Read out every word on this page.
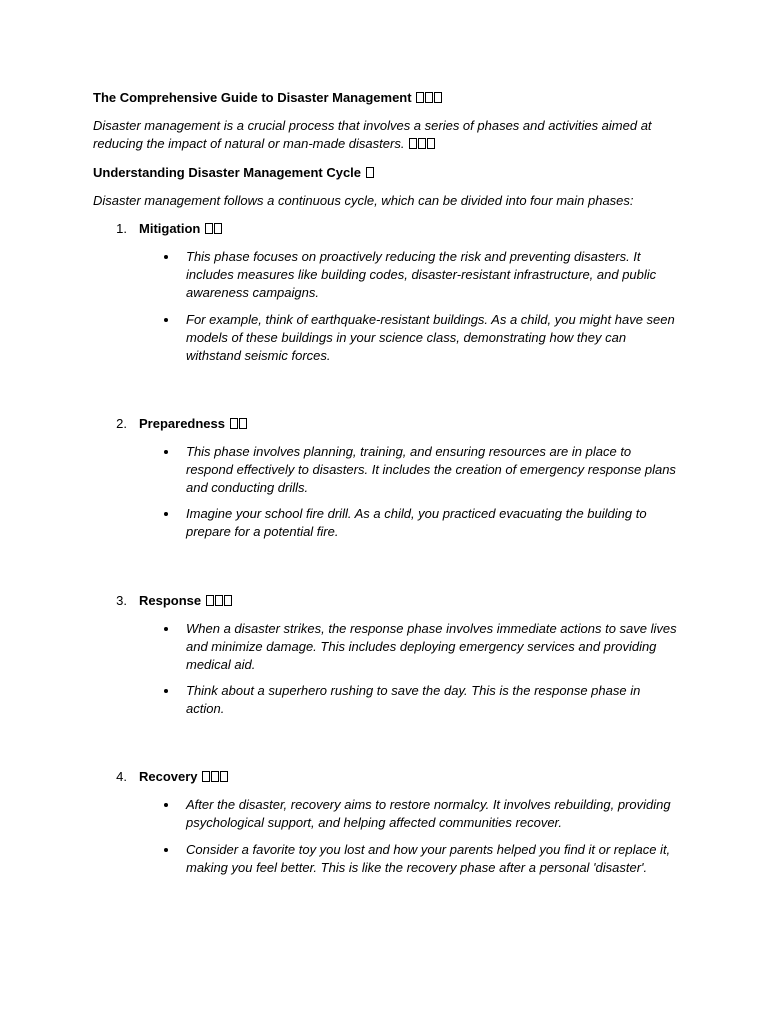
The Comprehensive Guide to Disaster Management
Disaster management is a crucial process that involves a series of phases and activities aimed at reducing the impact of natural or man-made disasters.
Understanding Disaster Management Cycle
Disaster management follows a continuous cycle, which can be divided into four main phases:
1. Mitigation
This phase focuses on proactively reducing the risk and preventing disasters. It includes measures like building codes, disaster-resistant infrastructure, and public awareness campaigns.
For example, think of earthquake-resistant buildings. As a child, you might have seen models of these buildings in your science class, demonstrating how they can withstand seismic forces.
2. Preparedness
This phase involves planning, training, and ensuring resources are in place to respond effectively to disasters. It includes the creation of emergency response plans and conducting drills.
Imagine your school fire drill. As a child, you practiced evacuating the building to prepare for a potential fire.
3. Response
When a disaster strikes, the response phase involves immediate actions to save lives and minimize damage. This includes deploying emergency services and providing medical aid.
Think about a superhero rushing to save the day. This is the response phase in action.
4. Recovery
After the disaster, recovery aims to restore normalcy. It involves rebuilding, providing psychological support, and helping affected communities recover.
Consider a favorite toy you lost and how your parents helped you find it or replace it, making you feel better. This is like the recovery phase after a personal 'disaster'.
